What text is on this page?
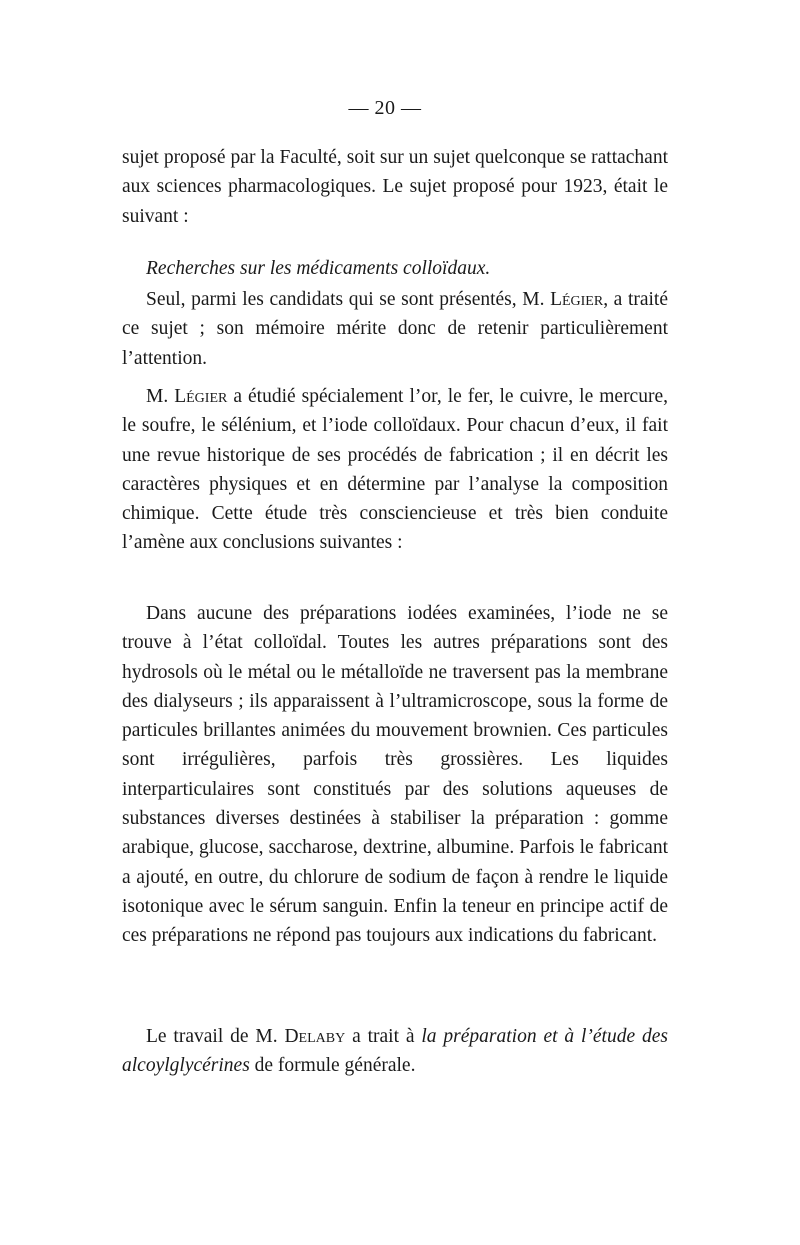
— 20 —

sujet proposé par la Faculté, soit sur un sujet quelconque se rattachant aux sciences pharmacologiques. Le sujet proposé pour 1923, était le suivant :

Recherches sur les médicaments colloïdaux.

Seul, parmi les candidats qui se sont présentés, M. Légier, a traité ce sujet ; son mémoire mérite donc de retenir particulièrement l’attention.

M. Légier a étudié spécialement l’or, le fer, le cuivre, le mercure, le soufre, le sélénium, et l’iode colloïdaux. Pour chacun d’eux, il fait une revue historique de ses procédés de fabrication ; il en décrit les caractères physiques et en détermine par l’analyse la composition chimique. Cette étude très consciencieuse et très bien conduite l’amène aux conclusions suivantes :

Dans aucune des préparations iodées examinées, l’iode ne se trouve à l’état colloïdal. Toutes les autres préparations sont des hydrosols où le métal ou le métalloïde ne traversent pas la membrane des dialyseurs ; ils apparaissent à l’ultramicroscope, sous la forme de particules brillantes animées du mouvement brownien. Ces particules sont irrégulières, parfois très grossières. Les liquides interparticulaires sont constitués par des solutions aqueuses de substances diverses destinées à stabiliser la préparation : gomme arabique, glucose, saccharose, dextrine, albumine. Parfois le fabricant a ajouté, en outre, du chlorure de sodium de façon à rendre le liquide isotonique avec le sérum sanguin. Enfin la teneur en principe actif de ces préparations ne répond pas toujours aux indications du fabricant.

Le travail de M. Delaby a trait à la préparation et à l’étude des alcoylglycérines de formule générale.
